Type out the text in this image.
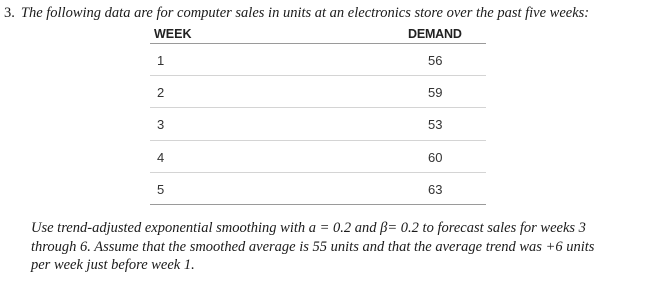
3. The following data are for computer sales in units at an electronics store over the past five weeks:
WEEK	DEMAND
1	56
2	59
3	53
4	60
5	63
Use trend-adjusted exponential smoothing with a = 0.2 and β= 0.2 to forecast sales for weeks 3
through 6. Assume that the smoothed average is 55 units and that the average trend was +6 units
per week just before week 1.
